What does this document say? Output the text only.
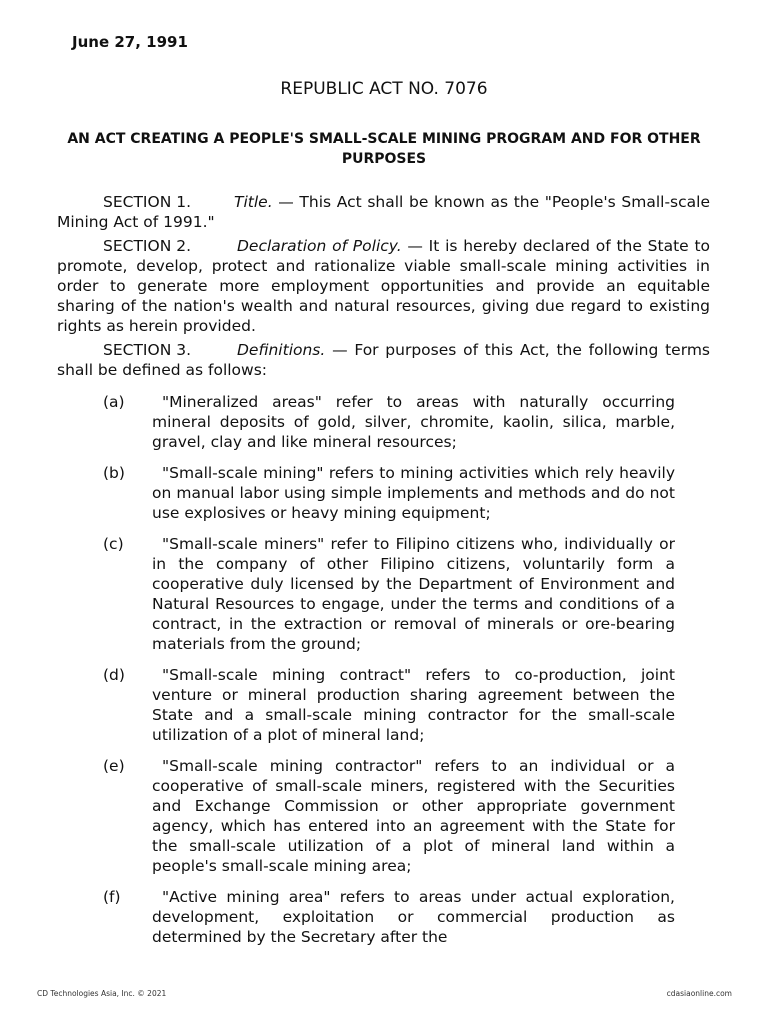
June 27, 1991
REPUBLIC ACT NO. 7076
AN ACT CREATING A PEOPLE'S SMALL-SCALE MINING PROGRAM AND FOR OTHER PURPOSES

SECTION 1.	Title. — This Act shall be known as the "People's Small-scale Mining Act of 1991."

SECTION 2.	Declaration of Policy. — It is hereby declared of the State to promote, develop, protect and rationalize viable small-scale mining activities in order to generate more employment opportunities and provide an equitable sharing of the nation's wealth and natural resources, giving due regard to existing rights as herein provided.

SECTION 3.	Definitions. — For purposes of this Act, the following terms shall be defined as follows:

(a)	"Mineralized areas" refer to areas with naturally occurring mineral deposits of gold, silver, chromite, kaolin, silica, marble, gravel, clay and like mineral resources;
(b)	"Small-scale mining" refers to mining activities which rely heavily on manual labor using simple implements and methods and do not use explosives or heavy mining equipment;
(c)	"Small-scale miners" refer to Filipino citizens who, individually or in the company of other Filipino citizens, voluntarily form a cooperative duly licensed by the Department of Environment and Natural Resources to engage, under the terms and conditions of a contract, in the extraction or removal of minerals or ore-bearing materials from the ground;
(d)	"Small-scale mining contract" refers to co-production, joint venture or mineral production sharing agreement between the State and a small-scale mining contractor for the small-scale utilization of a plot of mineral land;
(e)	"Small-scale mining contractor" refers to an individual or a cooperative of small-scale miners, registered with the Securities and Exchange Commission or other appropriate government agency, which has entered into an agreement with the State for the small-scale utilization of a plot of mineral land within a people's small-scale mining area;
(f)	"Active mining area" refers to areas under actual exploration, development, exploitation or commercial production as determined by the Secretary after the
CD Technologies Asia, Inc. © 2021	cdasiaonline.com
